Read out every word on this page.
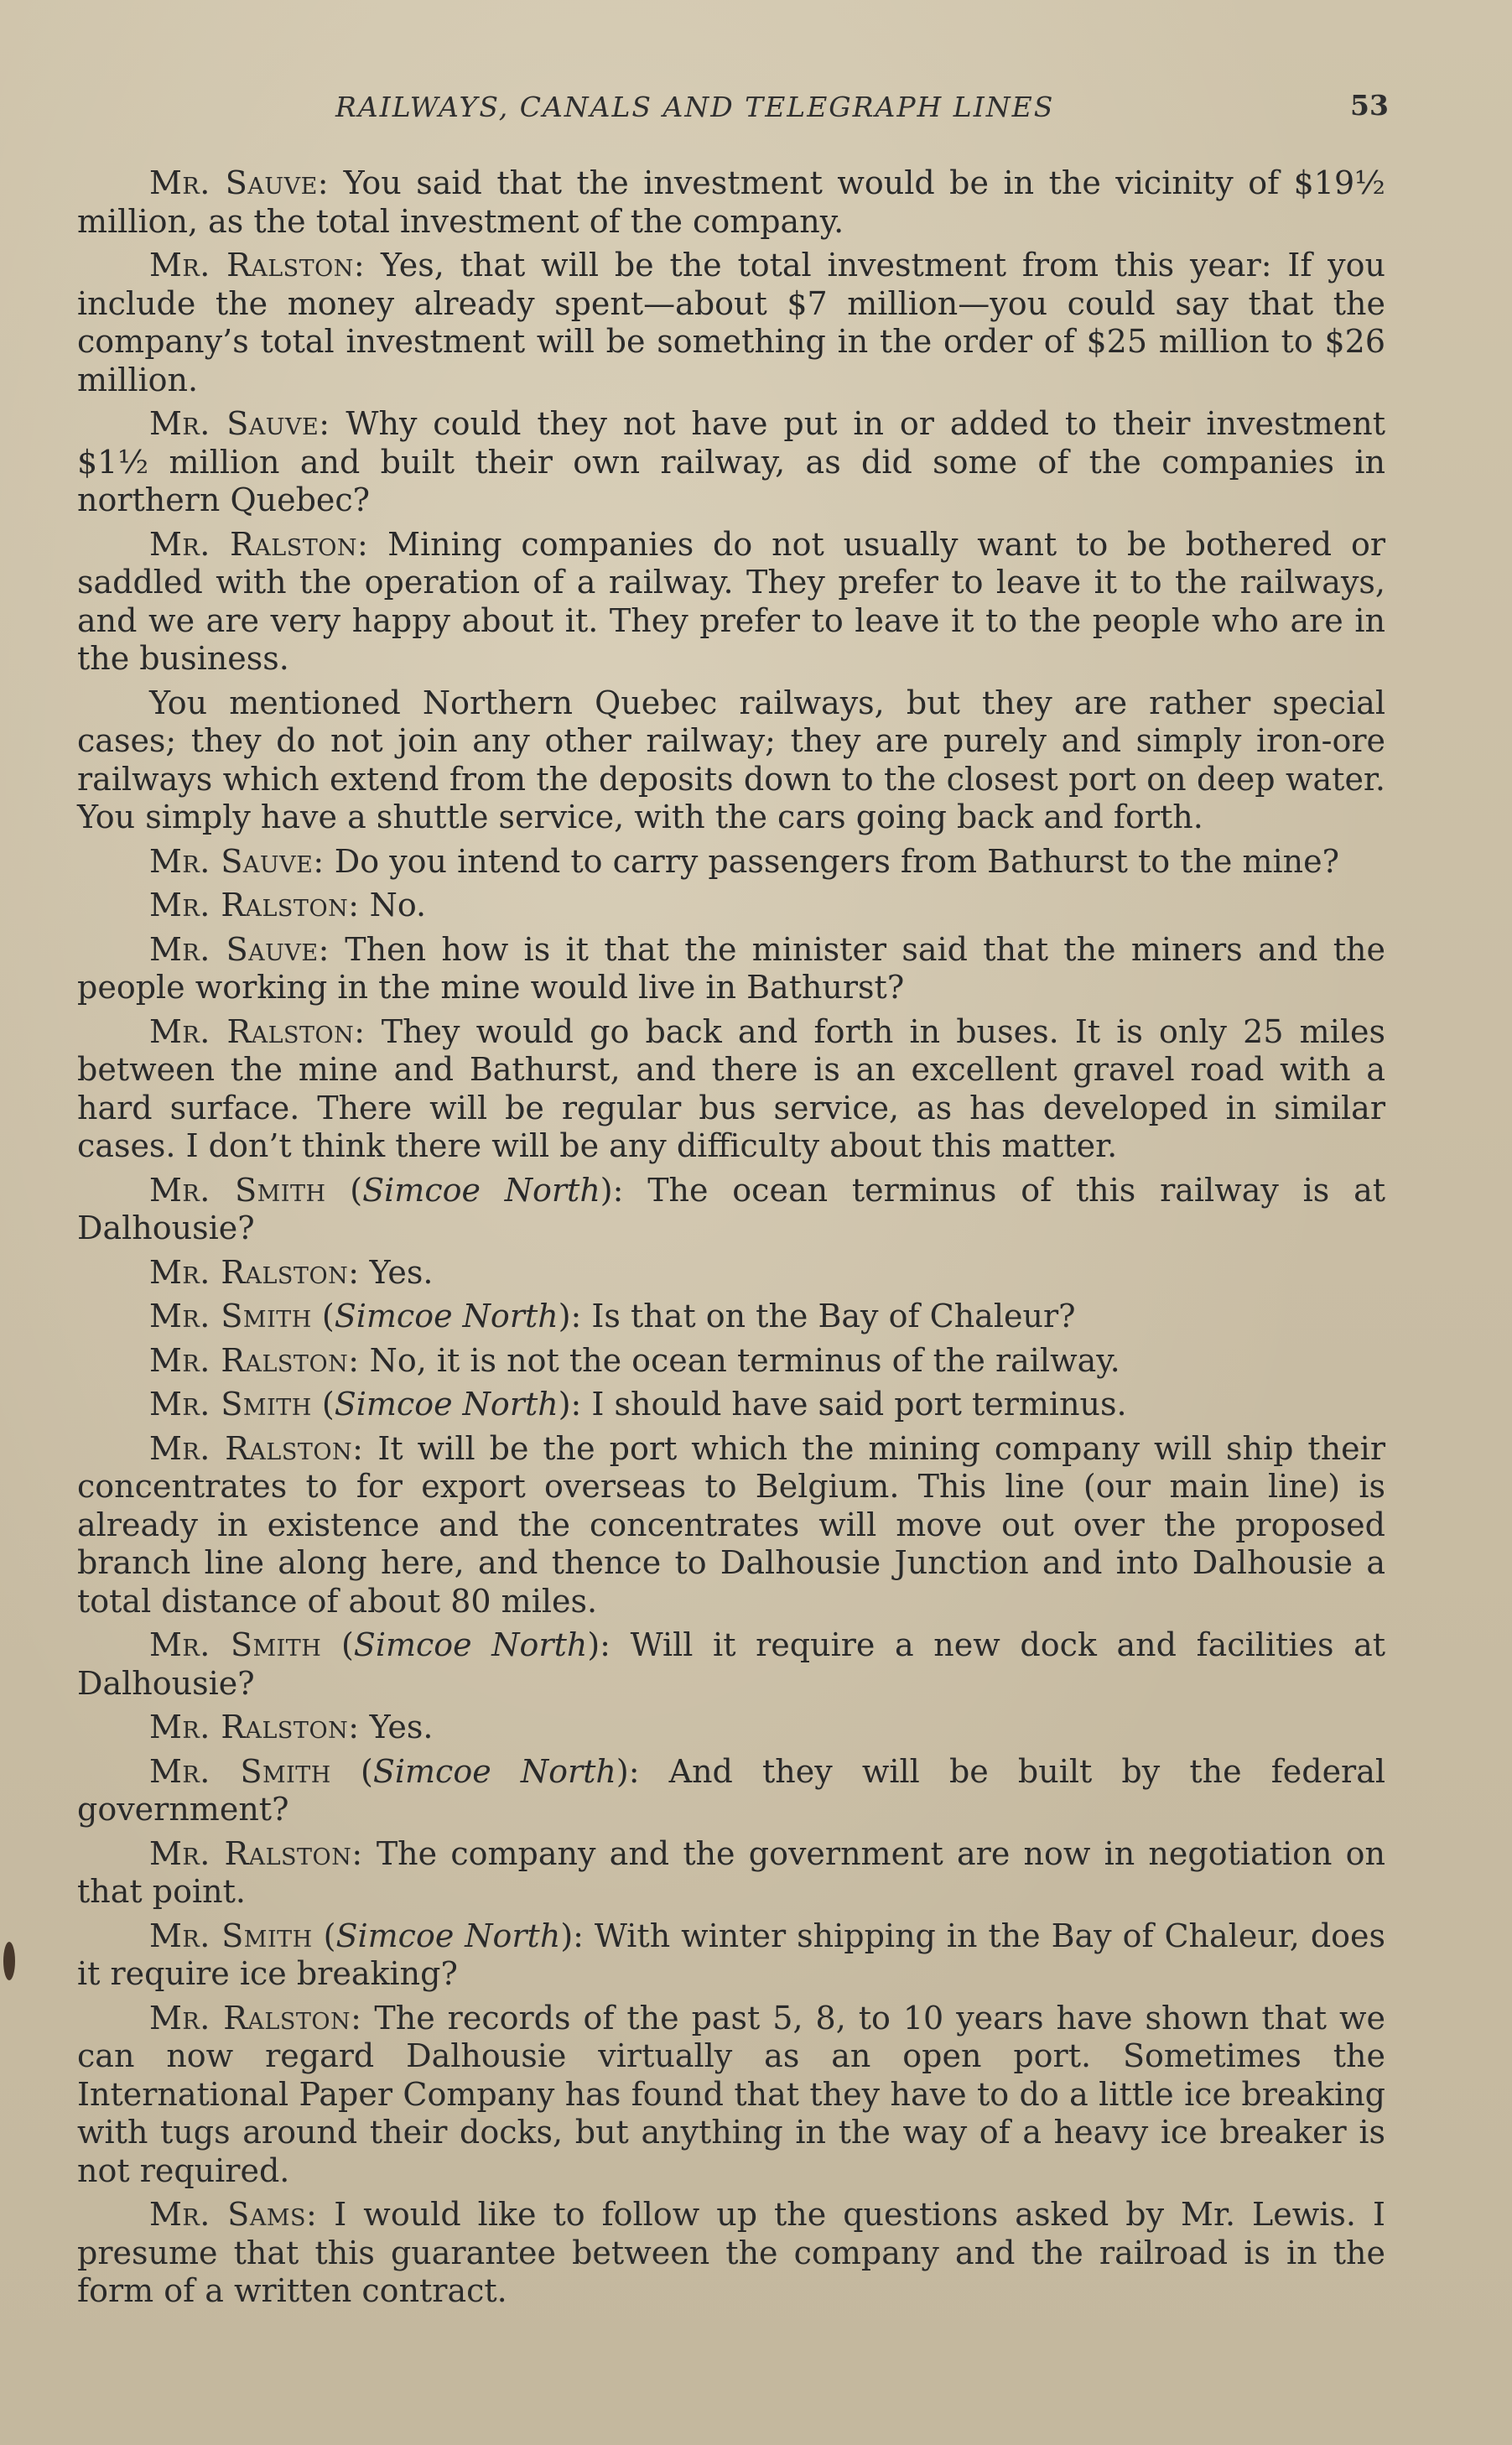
RAILWAYS, CANALS AND TELEGRAPH LINES	53

Mr. Sauve: You said that the investment would be in the vicinity of $19½ million, as the total investment of the company.

Mr. Ralston: Yes, that will be the total investment from this year: If you include the money already spent—about $7 million—you could say that the company’s total investment will be something in the order of $25 million to $26 million.

Mr. Sauve: Why could they not have put in or added to their investment $1½ million and built their own railway, as did some of the companies in northern Quebec?

Mr. Ralston: Mining companies do not usually want to be bothered or saddled with the operation of a railway. They prefer to leave it to the railways, and we are very happy about it. They prefer to leave it to the people who are in the business.

You mentioned Northern Quebec railways, but they are rather special cases; they do not join any other railway; they are purely and simply iron-ore railways which extend from the deposits down to the closest port on deep water. You simply have a shuttle service, with the cars going back and forth.

Mr. Sauve: Do you intend to carry passengers from Bathurst to the mine?

Mr. Ralston: No.

Mr. Sauve: Then how is it that the minister said that the miners and the people working in the mine would live in Bathurst?

Mr. Ralston: They would go back and forth in buses. It is only 25 miles between the mine and Bathurst, and there is an excellent gravel road with a hard surface. There will be regular bus service, as has developed in similar cases. I don’t think there will be any difficulty about this matter.

Mr. Smith (Simcoe North): The ocean terminus of this railway is at Dalhousie?

Mr. Ralston: Yes.

Mr. Smith (Simcoe North): Is that on the Bay of Chaleur?

Mr. Ralston: No, it is not the ocean terminus of the railway.

Mr. Smith (Simcoe North): I should have said port terminus.

Mr. Ralston: It will be the port which the mining company will ship their concentrates to for export overseas to Belgium. This line (our main line) is already in existence and the concentrates will move out over the proposed branch line along here, and thence to Dalhousie Junction and into Dalhousie a total distance of about 80 miles.

Mr. Smith (Simcoe North): Will it require a new dock and facilities at Dalhousie?

Mr. Ralston: Yes.

Mr. Smith (Simcoe North): And they will be built by the federal government?

Mr. Ralston: The company and the government are now in negotiation on that point.

Mr. Smith (Simcoe North): With winter shipping in the Bay of Chaleur, does it require ice breaking?

Mr. Ralston: The records of the past 5, 8, to 10 years have shown that we can now regard Dalhousie virtually as an open port. Sometimes the International Paper Company has found that they have to do a little ice breaking with tugs around their docks, but anything in the way of a heavy ice breaker is not required.

Mr. Sams: I would like to follow up the questions asked by Mr. Lewis. I presume that this guarantee between the company and the railroad is in the form of a written contract.
